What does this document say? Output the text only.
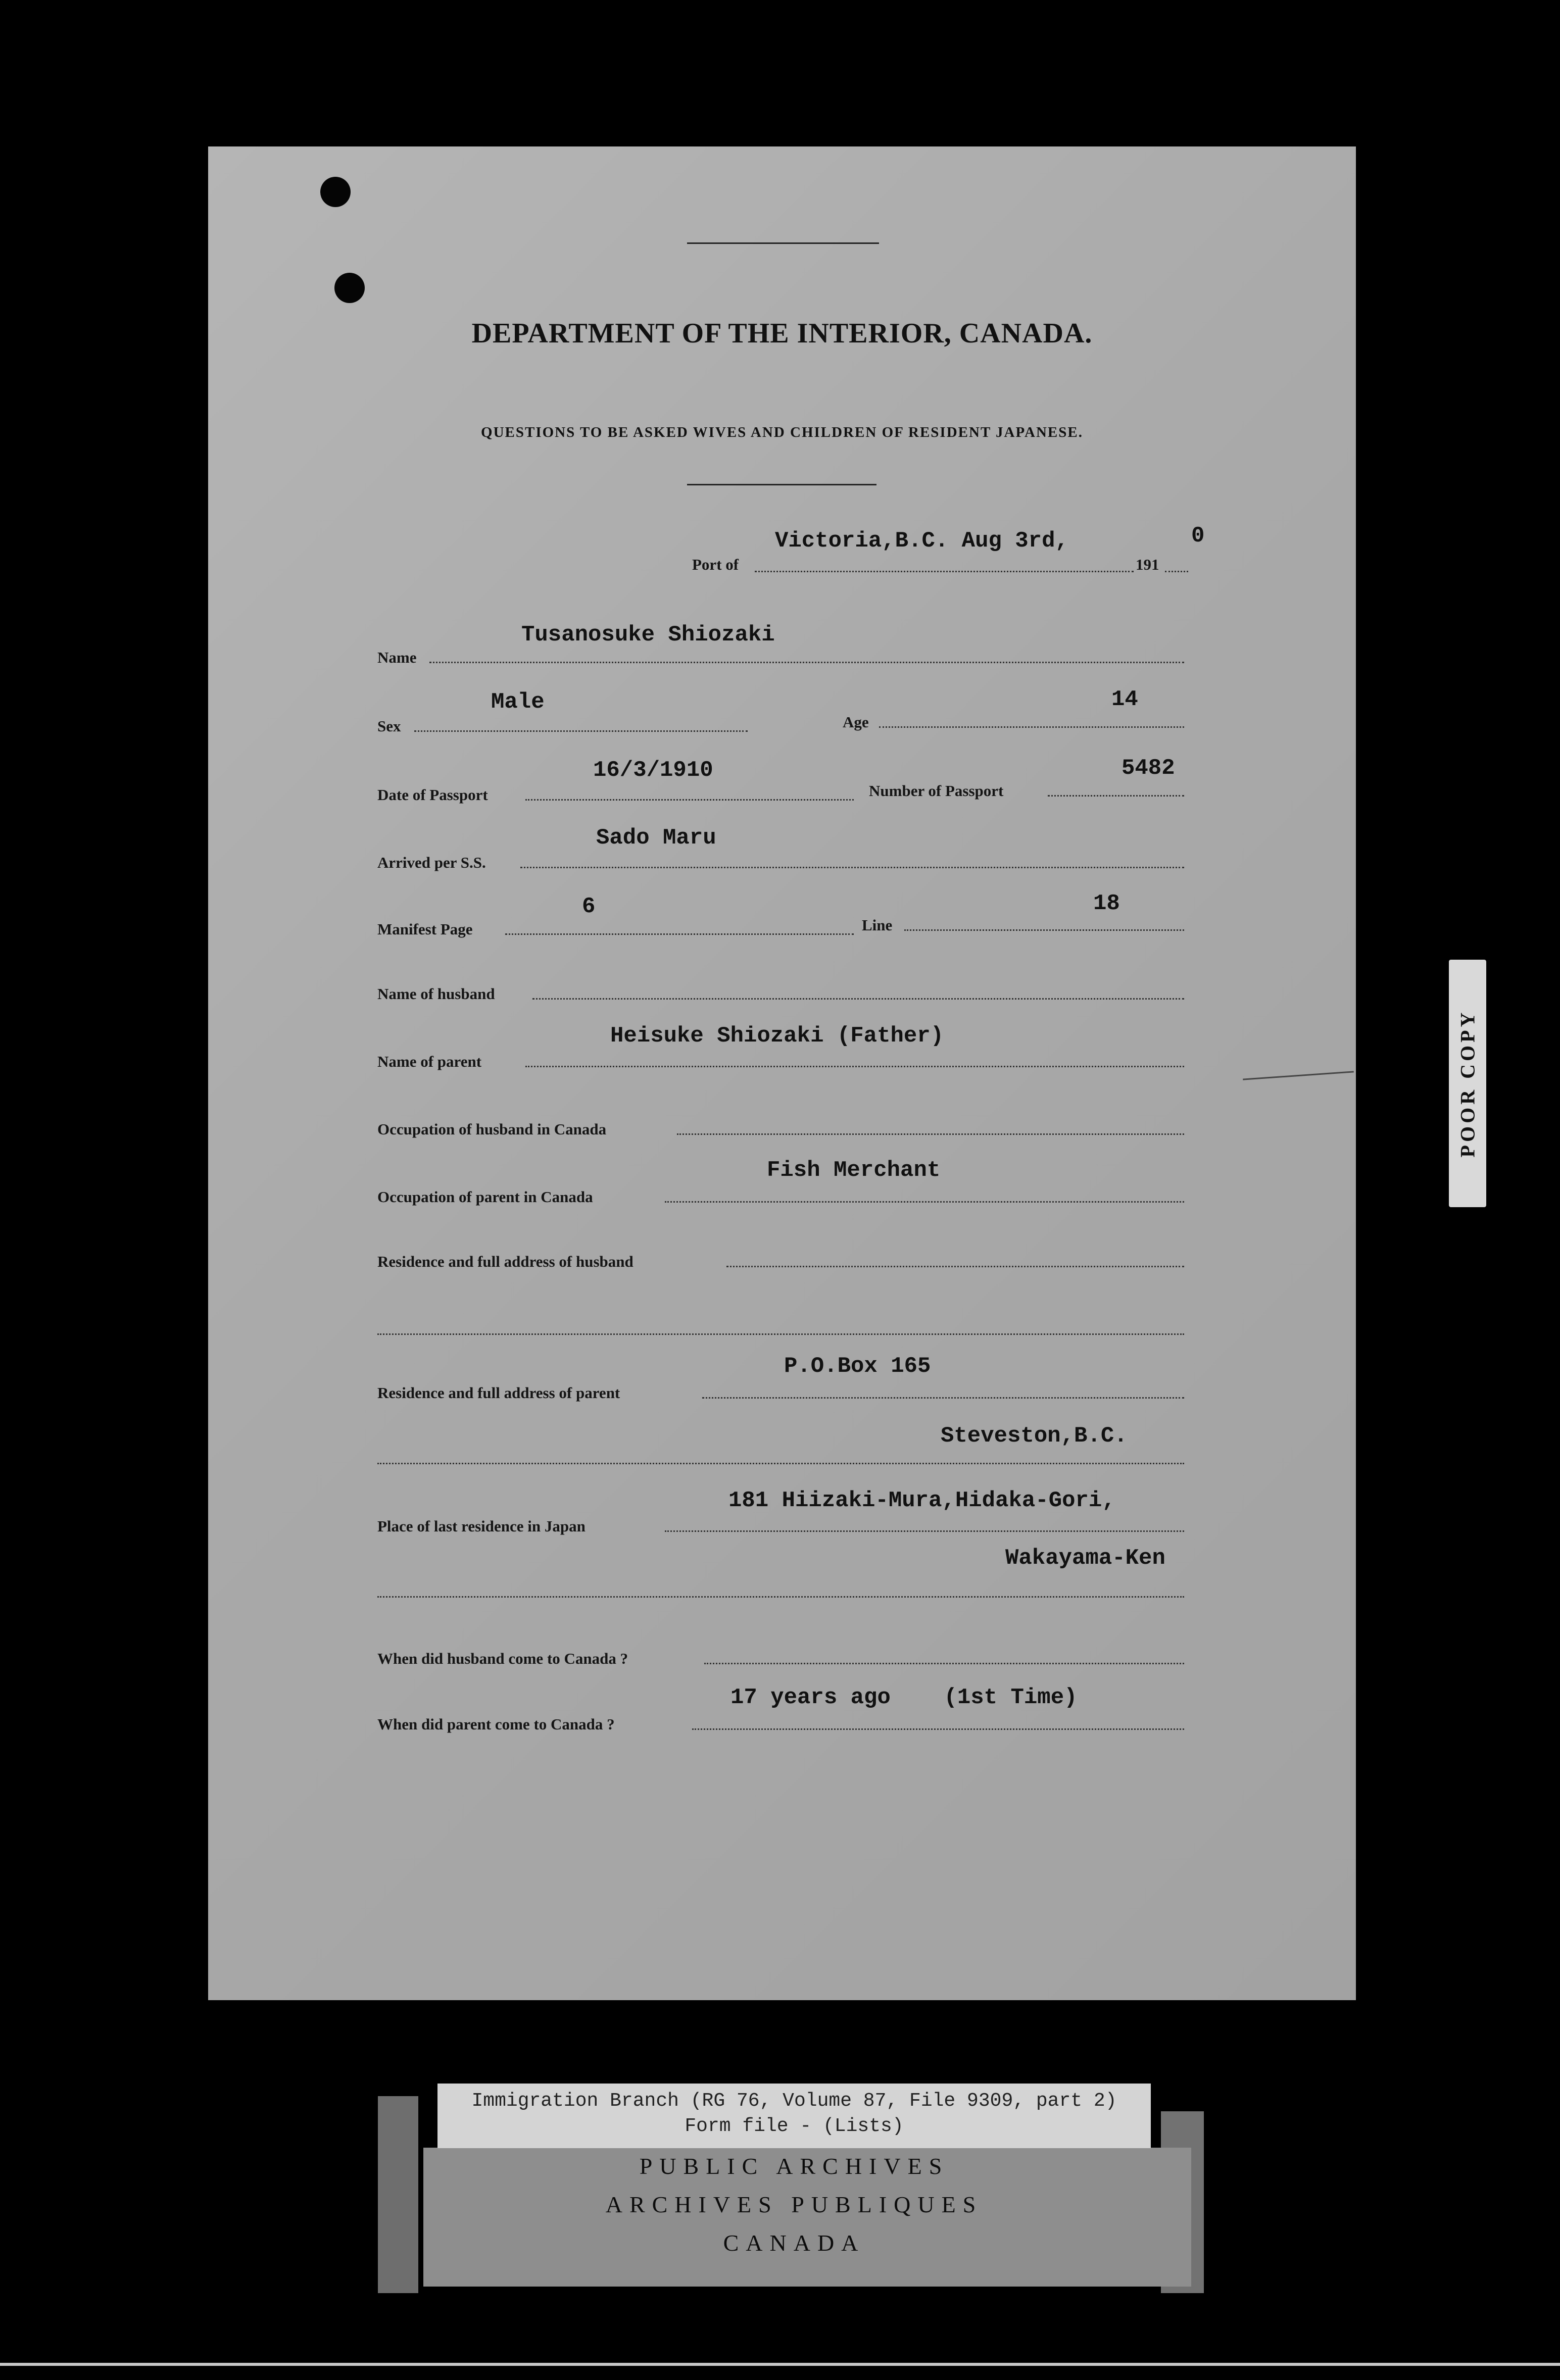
DEPARTMENT OF THE INTERIOR, CANADA.
QUESTIONS TO BE ASKED WIVES AND CHILDREN OF RESIDENT JAPANESE.
Victoria,B.C. Aug 3rd,	0
Port of	191
Name
Tusanosuke Shiozaki
Sex
Male
Age
14
Date of Passport
16/3/1910
Number of Passport
5482
Arrived per S.S.
Sado Maru
Manifest Page
6
Line
18
Name of husband
Name of parent
Heisuke Shiozaki (Father)
Occupation of husband in Canada
Occupation of parent in Canada
Fish Merchant
Residence and full address of husband
Residence and full address of parent
P.O.Box 165
Steveston,B.C.
Place of last residence in Japan
181 Hiizaki-Mura,Hidaka-Gori,
Wakayama-Ken
When did husband come to Canada ?
When did parent come to Canada ?
17 years ago    (1st Time)
POOR COPY
Immigration Branch (RG 76, Volume 87, File 9309, part 2)
Form file - (Lists)
PUBLIC ARCHIVES
ARCHIVES PUBLIQUES
CANADA
